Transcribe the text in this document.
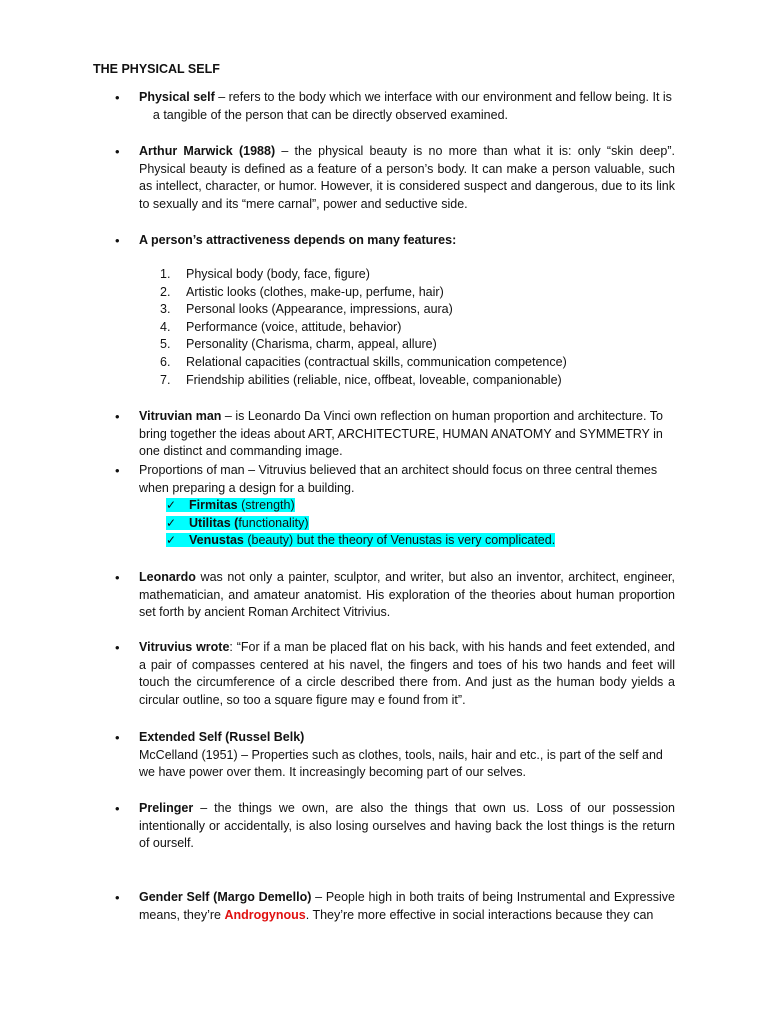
THE PHYSICAL SELF
• Physical self – refers to the body which we interface with our environment and fellow being. It is     a tangible of the person that can be directly observed examined.
• Arthur Marwick (1988) – the physical beauty is no more than what it is: only “skin deep”. Physical beauty is defined as a feature of a person’s body. It can make a person valuable, such as intellect, character, or humor. However, it is considered suspect and dangerous, due to its link to sexually and its “mere carnal”, power and seductive side.
• A person’s attractiveness depends on many features:
1. Physical body (body, face, figure)
2. Artistic looks (clothes, make-up, perfume, hair)
3. Personal looks (Appearance, impressions, aura)
4. Performance (voice, attitude, behavior)
5. Personality (Charisma, charm, appeal, allure)
6. Relational capacities (contractual skills, communication competence)
7. Friendship abilities (reliable, nice, offbeat, loveable, companionable)
• Vitruvian man – is Leonardo Da Vinci own reflection on human proportion and architecture. To bring together the ideas about ART, ARCHITECTURE, HUMAN ANATOMY and SYMMETRY in one distinct and commanding image.
• Proportions of man – Vitruvius believed that an architect should focus on three central themes when preparing a design for a building.
✓ Firmitas (strength)
✓ Utilitas (functionality)
✓ Venustas (beauty) but the theory of Venustas is very complicated.
• Leonardo was not only a painter, sculptor, and writer, but also an inventor, architect, engineer, mathematician, and amateur anatomist. His exploration of the theories about human proportion set forth by ancient Roman Architect Vitrivius.
• Vitruvius wrote: “For if a man be placed flat on his back, with his hands and feet extended, and a pair of compasses centered at his navel, the fingers and toes of his two hands and feet will touch the circumference of a circle described there from. And just as the human body yields a circular outline, so too a square figure may e found from it”.
• Extended Self (Russel Belk)
McCelland (1951) – Properties such as clothes, tools, nails, hair and etc., is part of the self and we have power over them. It increasingly becoming part of our selves.
• Prelinger – the things we own, are also the things that own us. Loss of our possession intentionally or accidentally, is also losing ourselves and having back the lost things is the return of ourself.
• Gender Self (Margo Demello) – People high in both traits of being Instrumental and Expressive means, they’re Androgynous. They’re more effective in social interactions because they can
